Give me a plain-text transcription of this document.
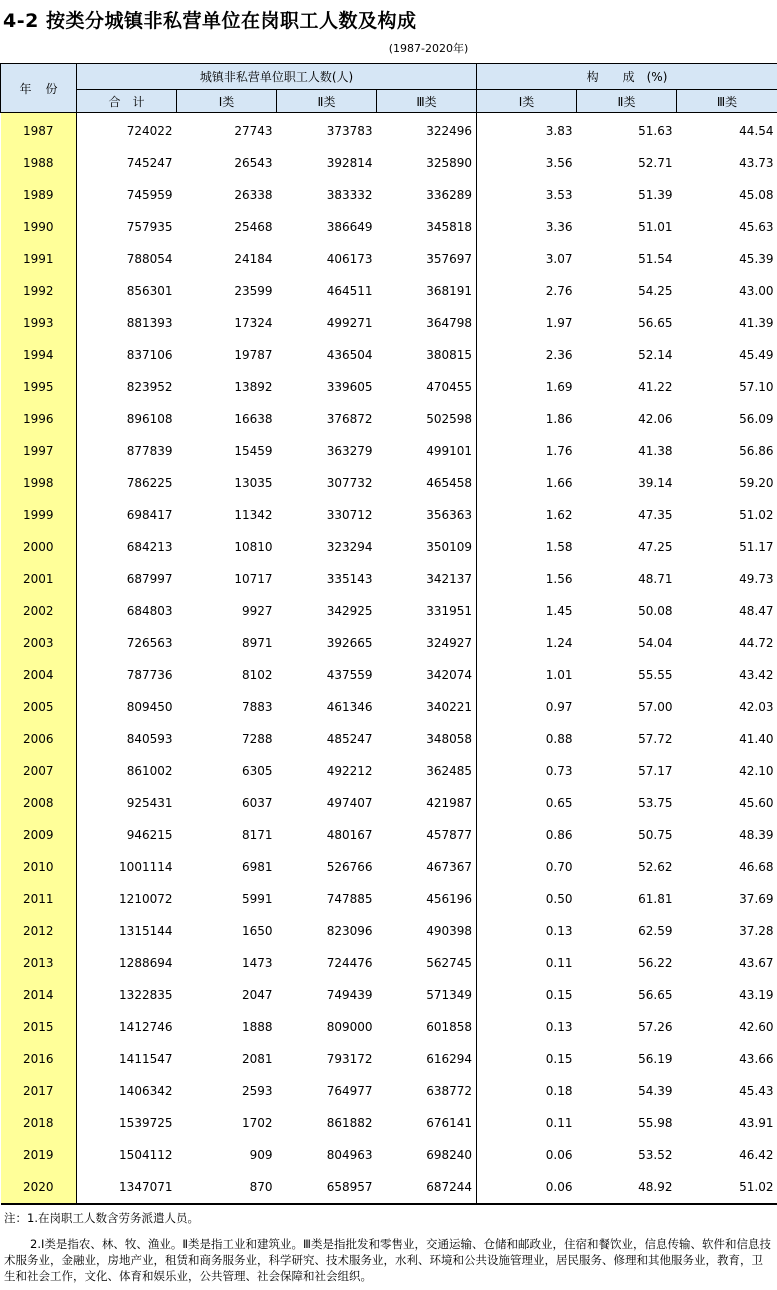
4-2 按类分城镇非私营单位在岗职工人数及构成
(1987-2020年)
年份	城镇非私营单位职工人数(人)				构　　成　(%)		
	合　计	Ⅰ类	Ⅱ类	Ⅲ类	Ⅰ类	Ⅱ类	Ⅲ类
1987	724022	27743	373783	322496	3.83	51.63	44.54
1988	745247	26543	392814	325890	3.56	52.71	43.73
1989	745959	26338	383332	336289	3.53	51.39	45.08
1990	757935	25468	386649	345818	3.36	51.01	45.63
1991	788054	24184	406173	357697	3.07	51.54	45.39
1992	856301	23599	464511	368191	2.76	54.25	43.00
1993	881393	17324	499271	364798	1.97	56.65	41.39
1994	837106	19787	436504	380815	2.36	52.14	45.49
1995	823952	13892	339605	470455	1.69	41.22	57.10
1996	896108	16638	376872	502598	1.86	42.06	56.09
1997	877839	15459	363279	499101	1.76	41.38	56.86
1998	786225	13035	307732	465458	1.66	39.14	59.20
1999	698417	11342	330712	356363	1.62	47.35	51.02
2000	684213	10810	323294	350109	1.58	47.25	51.17
2001	687997	10717	335143	342137	1.56	48.71	49.73
2002	684803	9927	342925	331951	1.45	50.08	48.47
2003	726563	8971	392665	324927	1.24	54.04	44.72
2004	787736	8102	437559	342074	1.01	55.55	43.42
2005	809450	7883	461346	340221	0.97	57.00	42.03
2006	840593	7288	485247	348058	0.88	57.72	41.40
2007	861002	6305	492212	362485	0.73	57.17	42.10
2008	925431	6037	497407	421987	0.65	53.75	45.60
2009	946215	8171	480167	457877	0.86	50.75	48.39
2010	1001114	6981	526766	467367	0.70	52.62	46.68
2011	1210072	5991	747885	456196	0.50	61.81	37.69
2012	1315144	1650	823096	490398	0.13	62.59	37.28
2013	1288694	1473	724476	562745	0.11	56.22	43.67
2014	1322835	2047	749439	571349	0.15	56.65	43.19
2015	1412746	1888	809000	601858	0.13	57.26	42.60
2016	1411547	2081	793172	616294	0.15	56.19	43.66
2017	1406342	2593	764977	638772	0.18	54.39	45.43
2018	1539725	1702	861882	676141	0.11	55.98	43.91
2019	1504112	909	804963	698240	0.06	53.52	46.42
2020	1347071	870	658957	687244	0.06	48.92	51.02
注：1.在岗职工人数含劳务派遣人员。
2.Ⅰ类是指农、林、牧、渔业。Ⅱ类是指工业和建筑业。Ⅲ类是指批发和零售业，交通运输、仓储和邮政业，住宿和餐饮业，信息传输、软件和信息技术服务业，金融业，房地产业，租赁和商务服务业，科学研究、技术服务业，水利、环境和公共设施管理业，居民服务、修理和其他服务业，教育，卫生和社会工作，文化、体育和娱乐业，公共管理、社会保障和社会组织。
